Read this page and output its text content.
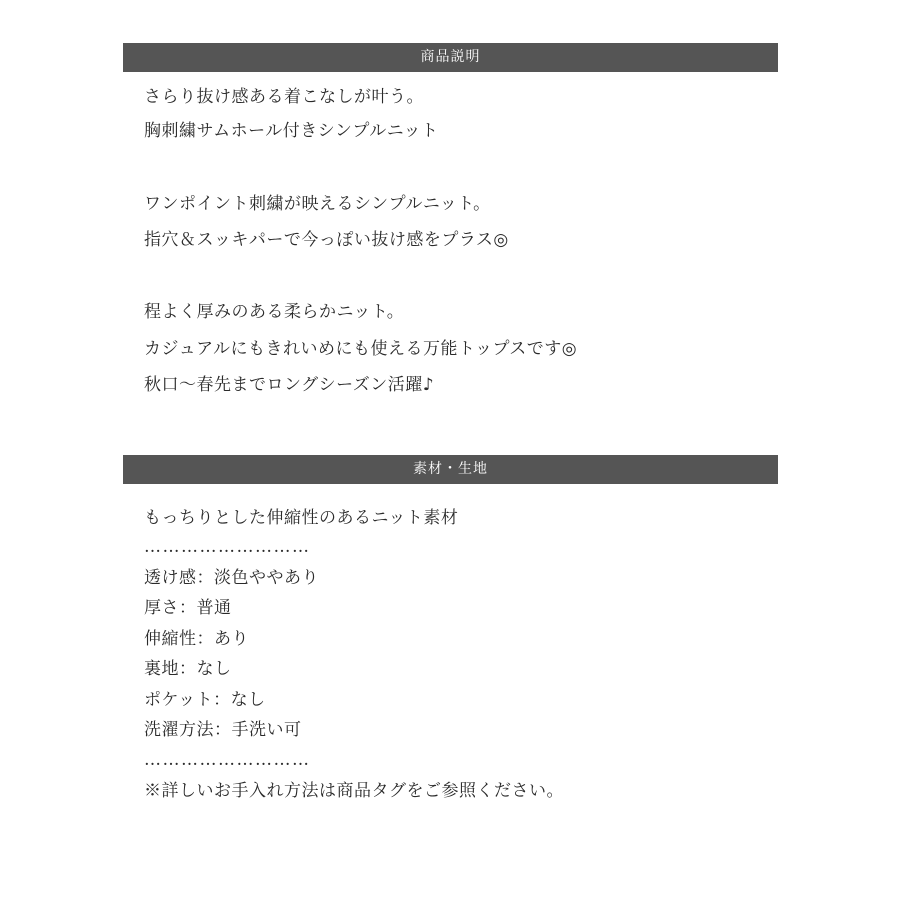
商品説明
さらり抜け感ある着こなしが叶う。
胸刺繍サムホール付きシンプルニット
ワンポイント刺繍が映えるシンプルニット。
指穴＆スッキパーで今っぽい抜け感をプラス◎
程よく厚みのある柔らかニット。
カジュアルにもきれいめにも使える万能トップスです◎
秋口～春先までロングシーズン活躍♪
素材・生地
もっちりとした伸縮性のあるニット素材
………………………
透け感：淡色ややあり
厚さ：普通
伸縮性：あり
裏地：なし
ポケット：なし
洗濯方法：手洗い可
………………………
※詳しいお手入れ方法は商品タグをご参照ください。
